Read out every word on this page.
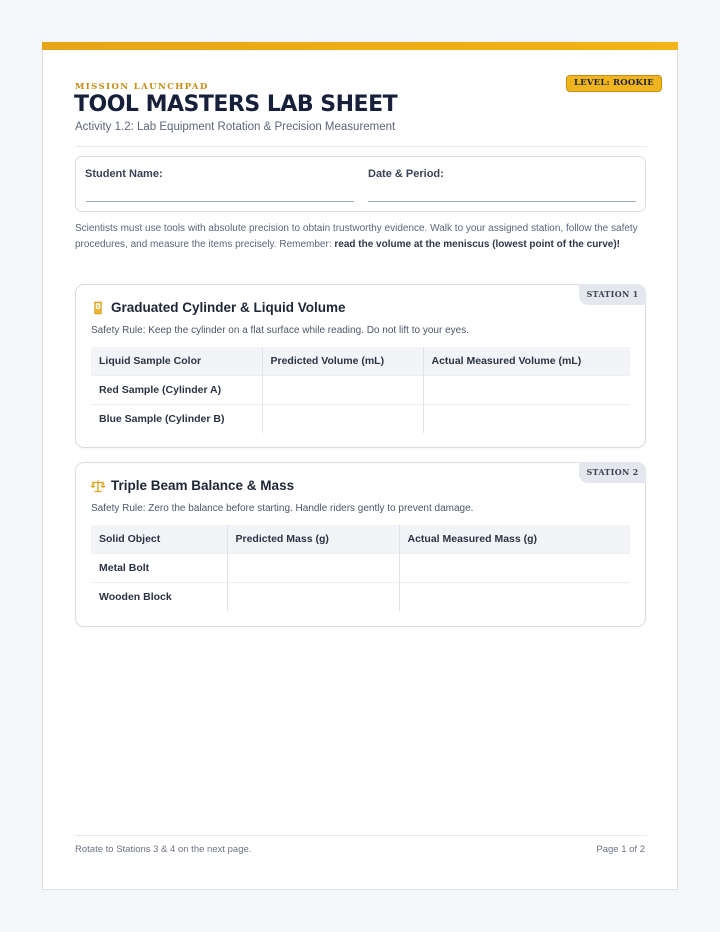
LEVEL: ROOKIE
MISSION LAUNCHPAD
TOOL MASTERS LAB SHEET
Activity 1.2: Lab Equipment Rotation & Precision Measurement
Student Name:	Date & Period:
Scientists must use tools with absolute precision to obtain trustworthy evidence. Walk to your assigned station, follow the safety procedures, and measure the items precisely. Remember: read the volume at the meniscus (lowest point of the curve)!
STATION 1
Graduated Cylinder & Liquid Volume
Safety Rule: Keep the cylinder on a flat surface while reading. Do not lift to your eyes.
Liquid Sample Color	Predicted Volume (mL)	Actual Measured Volume (mL)
Red Sample (Cylinder A)		
Blue Sample (Cylinder B)		
STATION 2
Triple Beam Balance & Mass
Safety Rule: Zero the balance before starting. Handle riders gently to prevent damage.
Solid Object	Predicted Mass (g)	Actual Measured Mass (g)
Metal Bolt		
Wooden Block		
Rotate to Stations 3 & 4 on the next page.	Page 1 of 2
